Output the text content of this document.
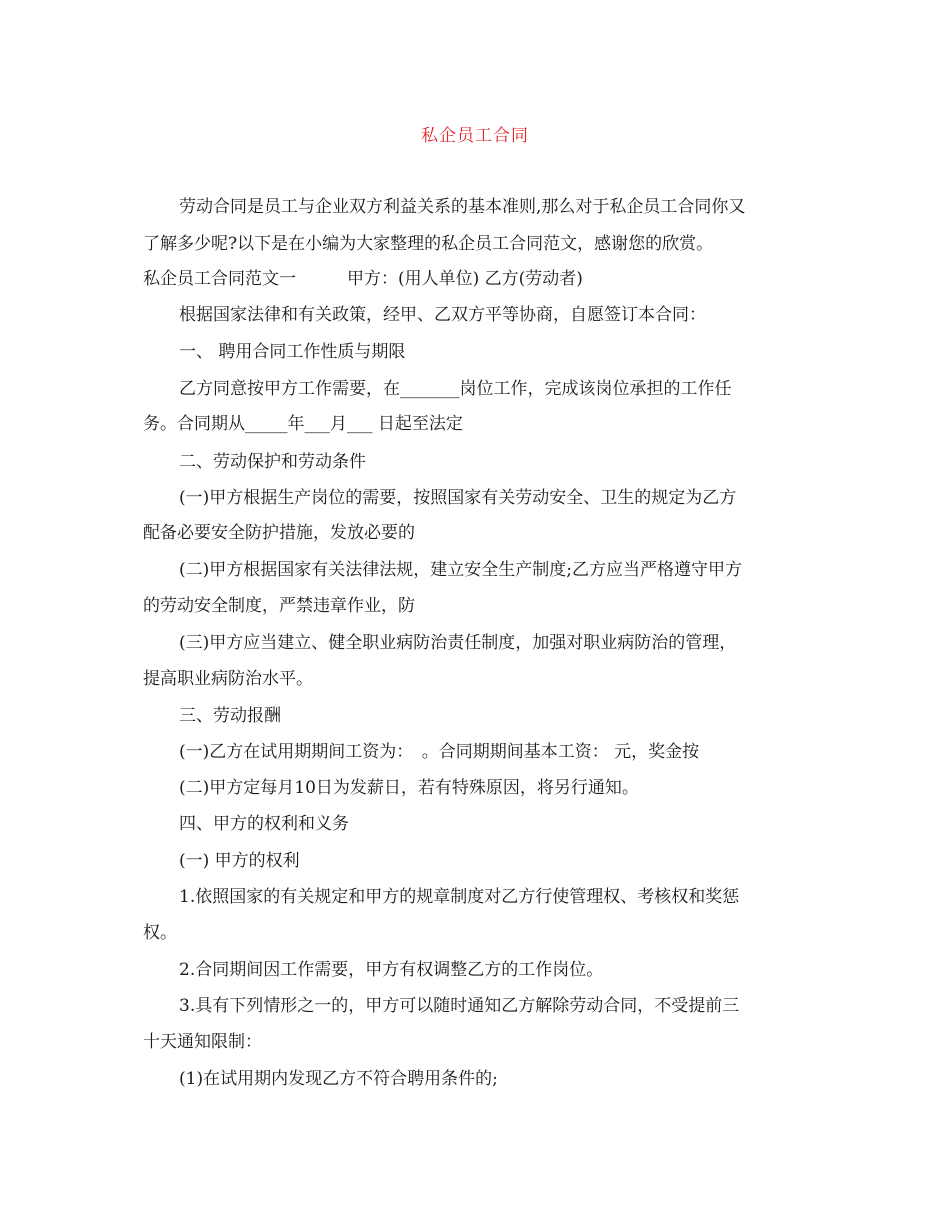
私企员工合同
劳动合同是员工与企业双方利益关系的基本准则,那么对于私企员工合同你又
了解多少呢?以下是在小编为大家整理的私企员工合同范文，感谢您的欣赏。
私企员工合同范文一　　　甲方：(用人单位) 乙方(劳动者)
根据国家法律和有关政策，经甲、乙双方平等协商，自愿签订本合同：
一、 聘用合同工作性质与期限
乙方同意按甲方工作需要，在_______岗位工作，完成该岗位承担的工作任
务。合同期从_____年___月___ 日起至法定
二、劳动保护和劳动条件
(一)甲方根据生产岗位的需要，按照国家有关劳动安全、卫生的规定为乙方
配备必要安全防护措施，发放必要的
(二)甲方根据国家有关法律法规，建立安全生产制度;乙方应当严格遵守甲方
的劳动安全制度，严禁违章作业，防
(三)甲方应当建立、健全职业病防治责任制度，加强对职业病防治的管理，
提高职业病防治水平。
三、劳动报酬
(一)乙方在试用期期间工资为：　。合同期期间基本工资： 元，奖金按
(二)甲方定每月10日为发薪日，若有特殊原因，将另行通知。
四、甲方的权利和义务
(一) 甲方的权利
1.依照国家的有关规定和甲方的规章制度对乙方行使管理权、考核权和奖惩
权。
2.合同期间因工作需要，甲方有权调整乙方的工作岗位。
3.具有下列情形之一的，甲方可以随时通知乙方解除劳动合同，不受提前三
十天通知限制：
(1)在试用期内发现乙方不符合聘用条件的;
